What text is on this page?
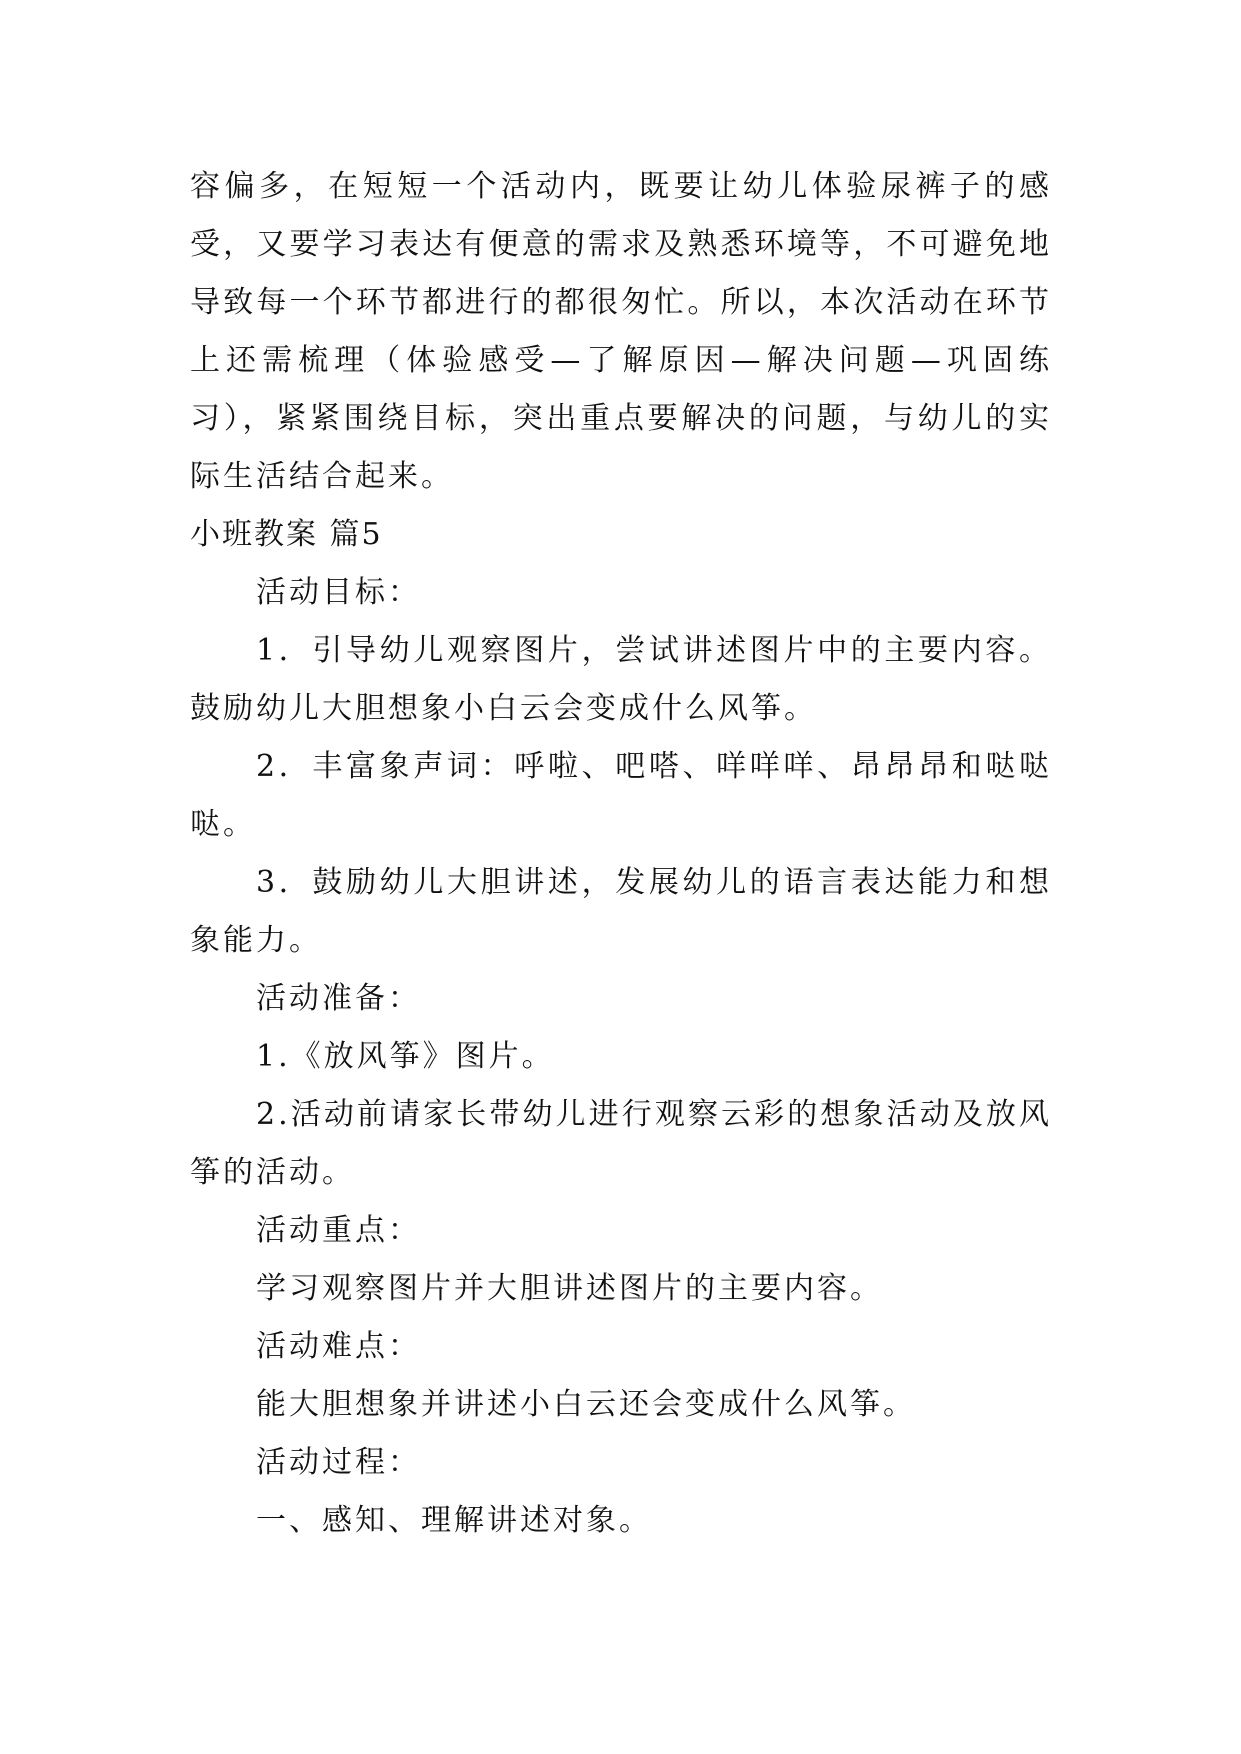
容偏多，在短短一个活动内，既要让幼儿体验尿裤子的感受，又要学习表达有便意的需求及熟悉环境等，不可避免地导致每一个环节都进行的都很匆忙。所以，本次活动在环节上还需梳理（体验感受—了解原因—解决问题—巩固练习），紧紧围绕目标，突出重点要解决的问题，与幼儿的实际生活结合起来。

小班教案 篇5

活动目标：

1．引导幼儿观察图片，尝试讲述图片中的主要内容。鼓励幼儿大胆想象小白云会变成什么风筝。

2．丰富象声词：呼啦、吧嗒、咩咩咩、昂昂昂和哒哒哒。

3．鼓励幼儿大胆讲述，发展幼儿的语言表达能力和想象能力。

活动准备：

1.《放风筝》图片。

2.活动前请家长带幼儿进行观察云彩的想象活动及放风筝的活动。

活动重点：

学习观察图片并大胆讲述图片的主要内容。

活动难点：

能大胆想象并讲述小白云还会变成什么风筝。

活动过程：

一、感知、理解讲述对象。
